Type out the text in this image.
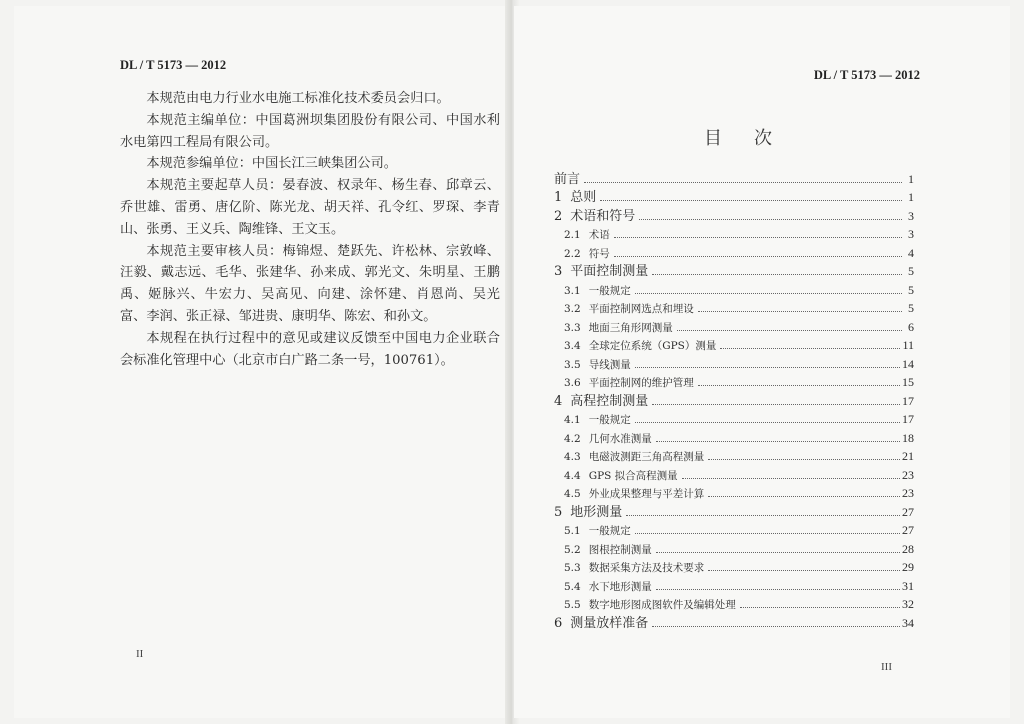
DL / T 5173 — 2012

本规范由电力行业水电施工标准化技术委员会归口。

本规范主编单位：中国葛洲坝集团股份有限公司、中国水利水电第四工程局有限公司。

本规范参编单位：中国长江三峡集团公司。

本规范主要起草人员：晏春波、权录年、杨生春、邱章云、乔世雄、雷勇、唐亿阶、陈光龙、胡天祥、孔令红、罗琛、李青山、张勇、王义兵、陶维锋、王文玉。

本规范主要审核人员：梅锦煜、楚跃先、许松林、宗敦峰、汪毅、戴志远、毛华、张建华、孙来成、郭光文、朱明星、王鹏禹、姬脉兴、牛宏力、吴高见、向建、涂怀建、肖恩尚、吴光富、李润、张正禄、邹进贵、康明华、陈宏、和孙文。

本规程在执行过程中的意见或建议反馈至中国电力企业联合会标准化管理中心（北京市白广路二条一号，100761）。

II
DL / T 5173 — 2012
目次
前言	1
1 总则	1
2 术语和符号	3
2.1 术语	3
2.2 符号	4
3 平面控制测量	5
3.1 一般规定	5
3.2 平面控制网选点和埋设	5
3.3 地面三角形网测量	6
3.4 全球定位系统（GPS）测量	11
3.5 导线测量	14
3.6 平面控制网的维护管理	15
4 高程控制测量	17
4.1 一般规定	17
4.2 几何水准测量	18
4.3 电磁波测距三角高程测量	21
4.4 GPS 拟合高程测量	23
4.5 外业成果整理与平差计算	23
5 地形测量	27
5.1 一般规定	27
5.2 图根控制测量	28
5.3 数据采集方法及技术要求	29
5.4 水下地形测量	31
5.5 数字地形图成图软件及编辑处理	32
6 测量放样准备	34
III
